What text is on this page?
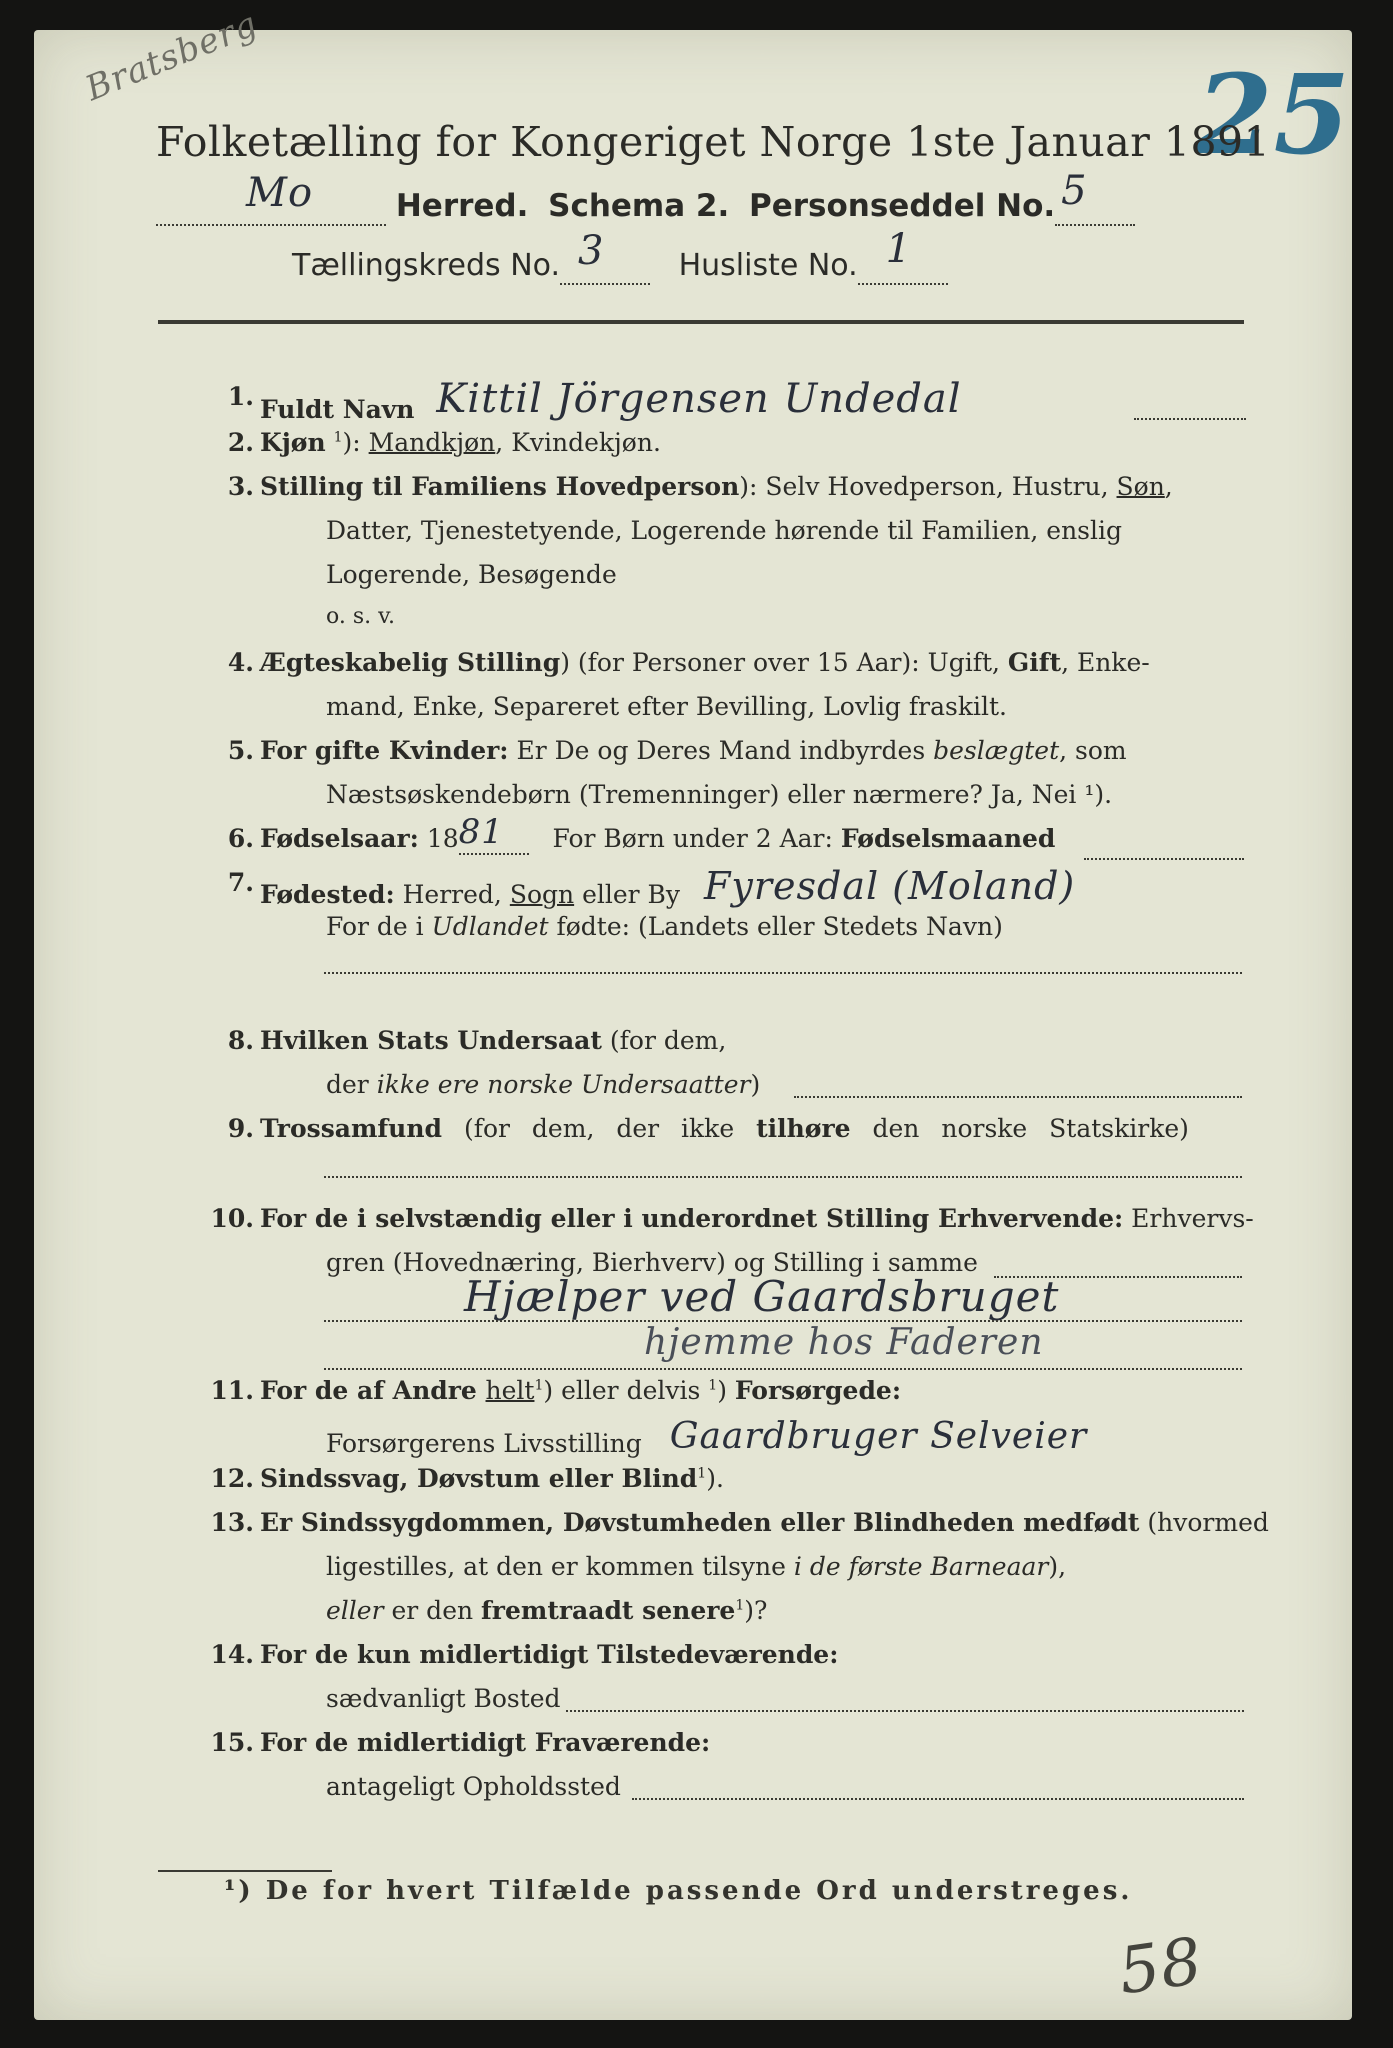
Bratsberg	25
Folketælling for Kongeriget Norge 1ste Januar 1891
Mo	Herred. Schema 2. Personseddel No. 5

Tællingskreds No. 3 Husliste No. 1

1. Fuldt Navn Kittil Jörgensen Undedal
2. Kjøn $^1$): Mandkjøn, Kvindekjøn.
3. Stilling til Familiens Hovedperson): Selv Hovedperson, Hustru, Søn,
Datter, Tjenestetyende, Logerende hørende til Familien, enslig
Logerende, Besøgende
o. s. v.
4. Ægteskabelig Stilling) (for Personer over 15 Aar): Ugift, Gift, Enke-
mand, Enke, Separeret efter Bevilling, Lovlig fraskilt.
5. For gifte Kvinder: Er De og Deres Mand indbyrdes beslægtet, som
Næstsøskendebørn (Tremenninger) eller nærmere? Ja, Nei ¹).
6. Fødselsaar: 18 81 For Børn under 2 Aar: Fødselsmaaned
7. Fødested: Herred, Sogn eller By Fyresdal (Moland)
For de i Udlandet fødte: (Landets eller Stedets Navn)
8. Hvilken Stats Undersaat (for dem,
der ikke ere norske Undersaatter)
9. Trossamfund (for dem, der ikke tilhøre den norske Statskirke)
10. For de i selvstændig eller i underordnet Stilling Erhvervende: Erhvervs-
gren (Hovednæring, Bierhverv) og Stilling i samme
Hjælper ved Gaardsbruget
hjemme hos Faderen
11. For de af Andre helt$^1$) eller delvis $^1$) Forsørgede:
Forsørgerens Livsstilling Gaardbruger Selveier
12. Sindssvag, Døvstum eller Blind$^1$).
13. Er Sindssygdommen, Døvstumheden eller Blindheden medfødt (hvormed
ligestilles, at den er kommen tilsyne i de første Barneaar),
eller er den fremtraadt senere$^1$)?
14. For de kun midlertidigt Tilstedeværende:
sædvanligt Bosted
15. For de midlertidigt Fraværende:
antageligt Opholdssted
¹) De for hvert Tilfælde passende Ord understreges.
58
